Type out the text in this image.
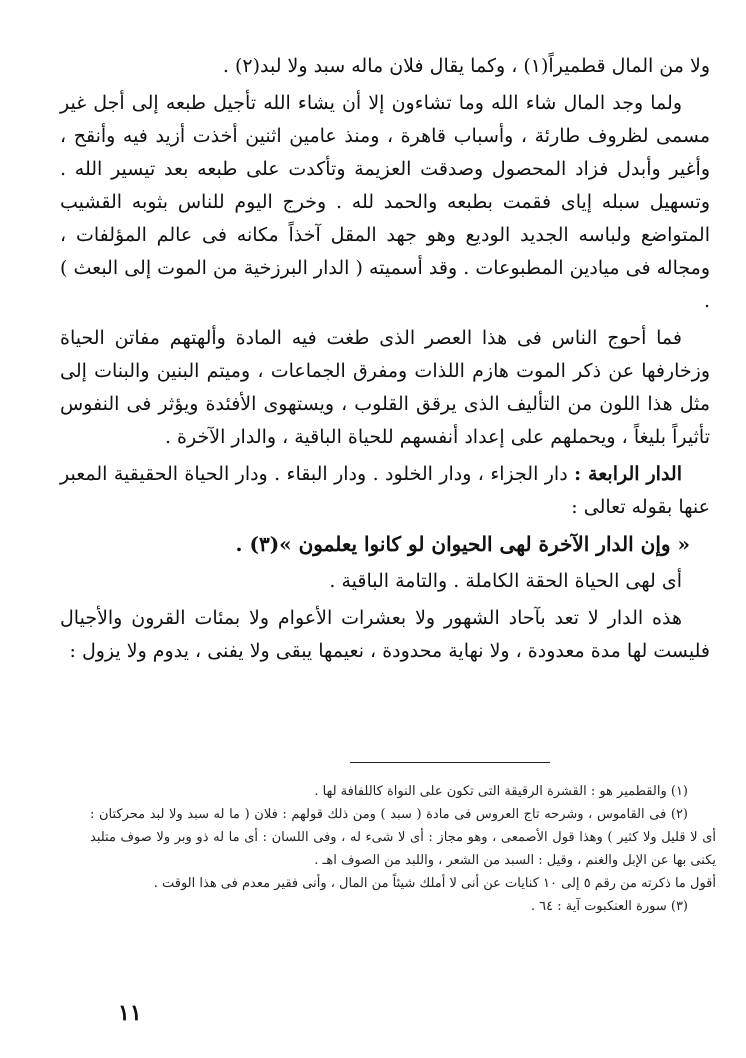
ولا من المال قطميراً(١) ، وكما يقال فلان ماله سبد ولا لبد(٢) .

ولما وجد المال شاء الله وما تشاءون إلا أن يشاء الله تأجيل طبعه إلى أجل غير مسمى لظروف طارئة ، وأسباب قاهرة ، ومنذ عامين اثنين أخذت أزيد فيه وأنقح ، وأغير وأبدل فزاد المحصول وصدقت العزيمة وتأكدت على طبعه بعد تيسير الله . وتسهيل سبله إياى فقمت بطبعه والحمد لله . وخرج اليوم للناس بثوبه القشيب المتواضع ولباسه الجديد الوديع وهو جهد المقل آخذاً مكانه فى عالم المؤلفات ، ومجاله فى ميادين المطبوعات . وقد أسميته ( الدار البرزخية من الموت إلى البعث ) .

فما أحوج الناس فى هذا العصر الذى طغت فيه المادة وألهتهم مفاتن الحياة وزخارفها عن ذكر الموت هازم اللذات ومفرق الجماعات ، وميتم البنين والبنات إلى مثل هذا اللون من التأليف الذى يرقق القلوب ، ويستهوى الأفئدة ويؤثر فى النفوس تأثيراً بليغاً ، ويحملهم على إعداد أنفسهم للحياة الباقية ، والدار الآخرة .

الدار الرابعة : دار الجزاء ، ودار الخلود . ودار البقاء . ودار الحياة الحقيقية المعبر عنها بقوله تعالى :

« وإن الدار الآخرة لهى الحيوان لو كانوا يعلمون »(٣) .

أى لهى الحياة الحقة الكاملة . والتامة الباقية .

هذه الدار لا تعد بآحاد الشهور ولا بعشرات الأعوام ولا بمئات القرون والأجيال فليست لها مدة معدودة ، ولا نهاية محدودة ، نعيمها يبقى ولا يفنى ، يدوم ولا يزول :

(١) والقطمير هو : القشرة الرقيقة التى تكون على النواة كاللفافة لها .

(٢) فى القاموس ، وشرحه تاج العروس فى مادة ( سبد ) ومن ذلك قولهم : فلان ( ما له سبد ولا لبد محركتان : أى لا قليل ولا كثير ) وهذا قول الأصمعى ، وهو مجاز : أى لا شىء له ، وفى اللسان : أى ما له ذو وبر ولا صوف متلبد يكنى بها عن الإبل والغنم ، وقيل : السبد من الشعر ، واللبد من الصوف اهـ .

أقول ما ذكرته من رقم ٥ إلى ١٠ كنايات عن أنى لا أملك شيئاً من المال ، وأنى فقير معدم فى هذا الوقت .

(٣) سورة العنكبوت آية : ٦٤ .

١١
